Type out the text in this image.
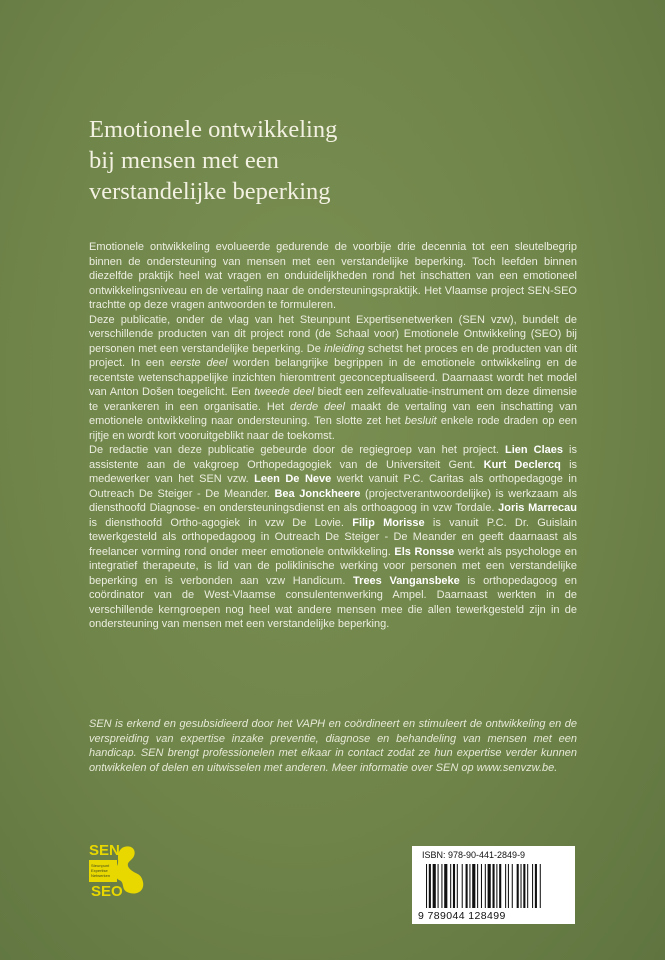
Emotionele ontwikkeling
bij mensen met een
verstandelijke beperking

Emotionele ontwikkeling evolueerde gedurende de voorbije drie decennia tot een sleutelbegrip binnen de ondersteuning van mensen met een verstandelijke beperking. Toch leefden binnen diezelfde praktijk heel wat vragen en onduidelijkheden rond het inschatten van een emotioneel ontwikkelingsniveau en de vertaling naar de ondersteuningspraktijk. Het Vlaamse project SEN-SEO trachtte op deze vragen antwoorden te formuleren.

Deze publicatie, onder de vlag van het Steunpunt Expertisenetwerken (SEN vzw), bundelt de verschillende producten van dit project rond (de Schaal voor) Emotionele Ontwikkeling (SEO) bij personen met een verstandelijke beperking. De inleiding schetst het proces en de producten van dit project. In een eerste deel worden belangrijke begrippen in de emotionele ontwikkeling en de recentste wetenschappelijke inzichten hieromtrent geconceptualiseerd. Daarnaast wordt het model van Anton Došen toegelicht. Een tweede deel biedt een zelfevaluatie-instrument om deze dimensie te verankeren in een organisatie. Het derde deel maakt de vertaling van een inschatting van emotionele ontwikkeling naar ondersteuning. Ten slotte zet het besluit enkele rode draden op een rijtje en wordt kort vooruitgeblikt naar de toekomst.

De redactie van deze publicatie gebeurde door de regiegroep van het project. Lien Claes is assistente aan de vakgroep Orthopedagogiek van de Universiteit Gent. Kurt Declercq is medewerker van het SEN vzw. Leen De Neve werkt vanuit P.C. Caritas als orthopedagoge in Outreach De Steiger - De Meander. Bea Jonckheere (projectverantwoordelijke) is werkzaam als diensthoofd Diagnose- en ondersteuningsdienst en als orthoagoog in vzw Tordale. Joris Marrecau is diensthoofd Ortho-agogiek in vzw De Lovie. Filip Morisse is vanuit P.C. Dr. Guislain tewerkgesteld als orthopedagoog in Outreach De Steiger - De Meander en geeft daarnaast als freelancer vorming rond onder meer emotionele ontwikkeling. Els Ronsse werkt als psychologe en integratief therapeute, is lid van de poliklinische werking voor personen met een verstandelijke beperking en is verbonden aan vzw Handicum. Trees Vangansbeke is orthopedagoog en coördinator van de West-Vlaamse consulentenwerking Ampel. Daarnaast werkten in de verschillende kerngroepen nog heel wat andere mensen mee die allen tewerkgesteld zijn in de ondersteuning van mensen met een verstandelijke beperking.

SEN is erkend en gesubsidieerd door het VAPH en coördineert en stimuleert de ontwikkeling en de verspreiding van expertise inzake preventie, diagnose en behandeling van mensen met een handicap. SEN brengt professionelen met elkaar in contact zodat ze hun expertise verder kunnen ontwikkelen of delen en uitwisselen met anderen. Meer informatie over SEN op www.senvzw.be.
SEN
Steunpunt Expertise Netwerken
SEO
ISBN: 978-90-441-2849-9
9 789044 128499
